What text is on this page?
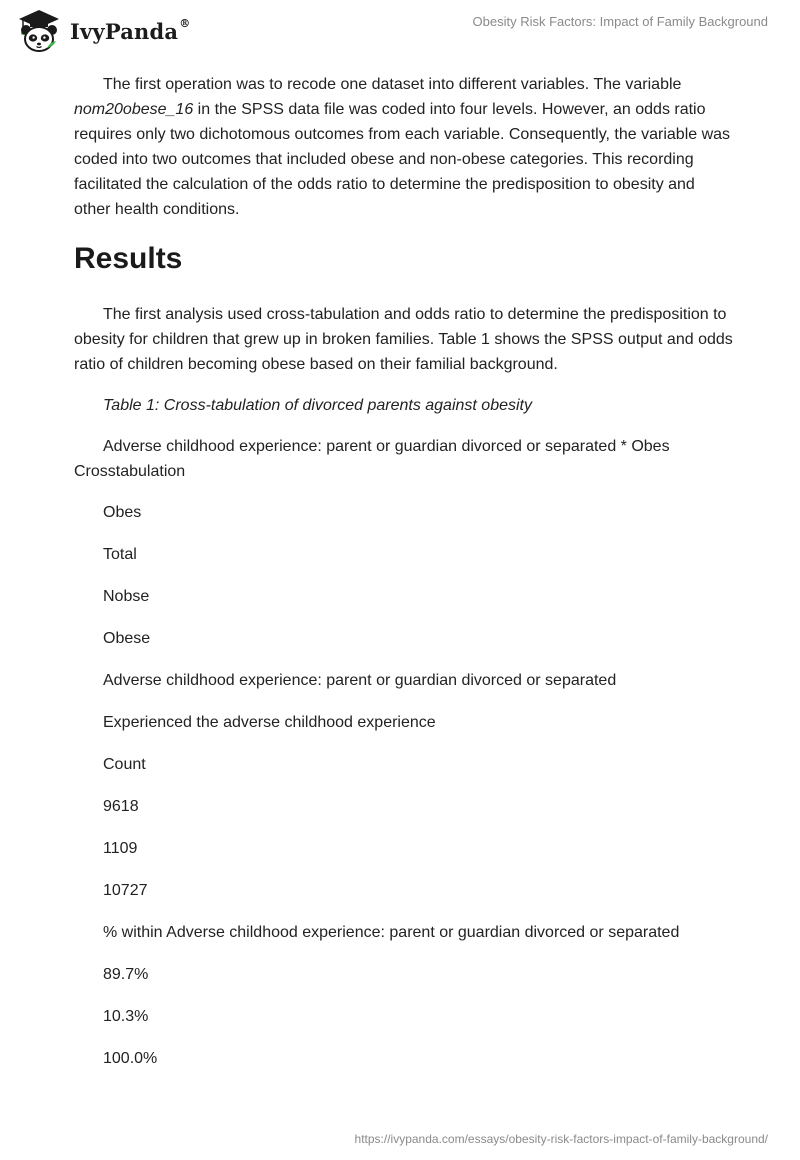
IvyPanda®	Obesity Risk Factors: Impact of Family Background

The first operation was to recode one dataset into different variables. The variable nom20obese_16 in the SPSS data file was coded into four levels. However, an odds ratio requires only two dichotomous outcomes from each variable. Consequently, the variable was coded into two outcomes that included obese and non-obese categories. This recording facilitated the calculation of the odds ratio to determine the predisposition to obesity and other health conditions.

Results

The first analysis used cross-tabulation and odds ratio to determine the predisposition to obesity for children that grew up in broken families. Table 1 shows the SPSS output and odds ratio of children becoming obese based on their familial background.

Table 1: Cross-tabulation of divorced parents against obesity

Adverse childhood experience: parent or guardian divorced or separated * Obes Crosstabulation

Obes

Total

Nobse

Obese

Adverse childhood experience: parent or guardian divorced or separated

Experienced the adverse childhood experience

Count

9618

1109

10727

% within Adverse childhood experience: parent or guardian divorced or separated

89.7%

10.3%

100.0%

https://ivypanda.com/essays/obesity-risk-factors-impact-of-family-background/
